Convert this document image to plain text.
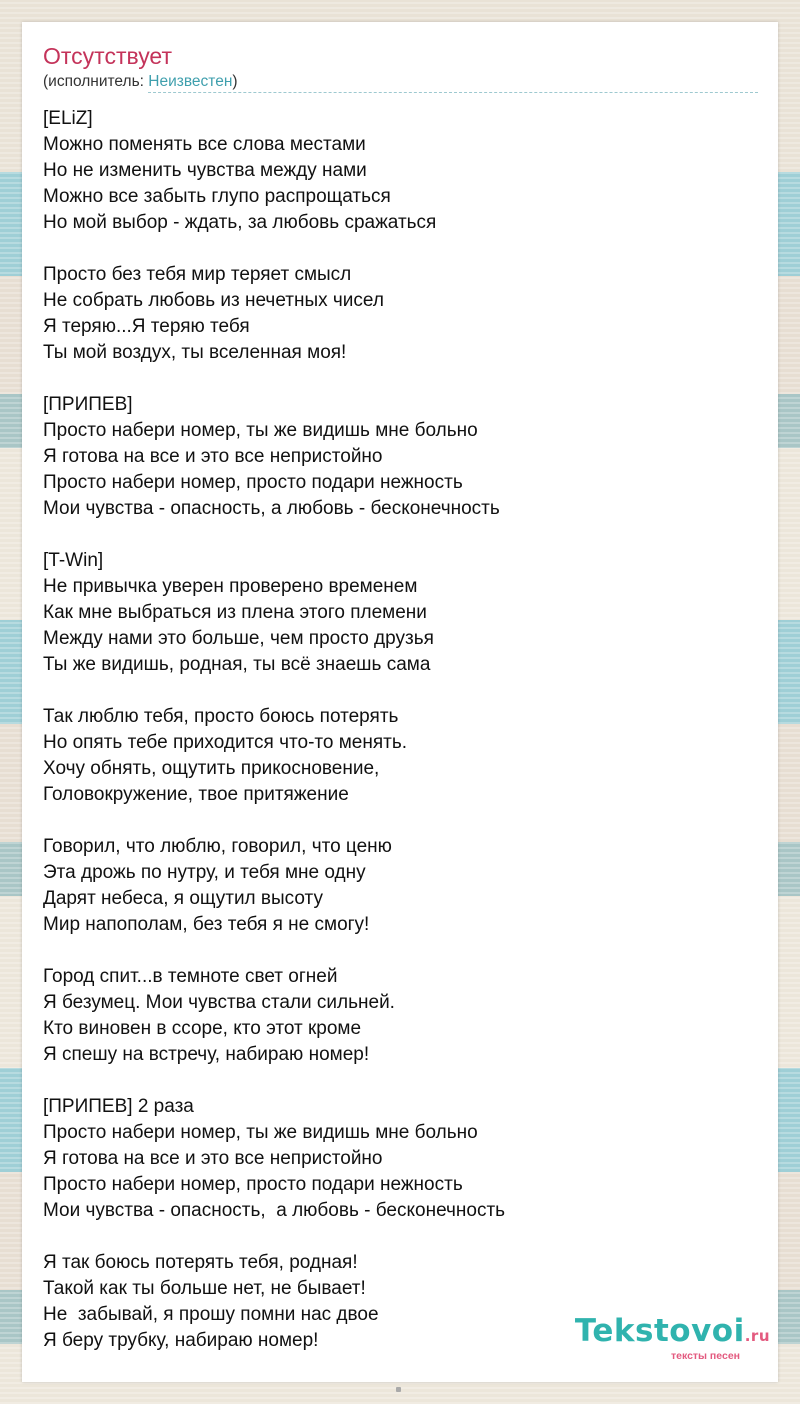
Отсутствует
(исполнитель: Неизвестен)
[ELiZ]
Можно поменять все слова местами
Но не изменить чувства между нами
Можно все забыть глупо распрощаться
Но мой выбор - ждать, за любовь сражаться
Просто без тебя мир теряет смысл
Не собрать любовь из нечетных чисел
Я теряю...Я теряю тебя
Ты мой воздух, ты вселенная моя!
[ПРИПЕВ]
Просто набери номер, ты же видишь мне больно
Я готова на все и это все непристойно
Просто набери номер, просто подари нежность
Мои чувства - опасность, а любовь - бесконечность
[T-Win]
Не привычка уверен проверено временем
Как мне выбраться из плена этого племени
Между нами это больше, чем просто друзья
Ты же видишь, родная, ты всё знаешь сама
Так люблю тебя, просто боюсь потерять
Но опять тебе приходится что-то менять.
Хочу обнять, ощутить прикосновение,
Головокружение, твое притяжение
Говорил, что люблю, говорил, что ценю
Эта дрожь по нутру, и тебя мне одну
Дарят небеса, я ощутил высоту
Мир напополам, без тебя я не смогу!
Город спит...в темноте свет огней
Я безумец. Мои чувства стали сильней.
Кто виновен в ссоре, кто этот кроме
Я спешу на встречу, набираю номер!
[ПРИПЕВ] 2 раза
Просто набери номер, ты же видишь мне больно
Я готова на все и это все непристойно
Просто набери номер, просто подари нежность
Мои чувства - опасность,  а любовь - бесконечность
Я так боюсь потерять тебя, родная!
Такой как ты больше нет, не бывает!
Не  забывай, я прошу помни нас двое
Я беру трубку, набираю номер!	Tekstovoi.ru
тексты песен
